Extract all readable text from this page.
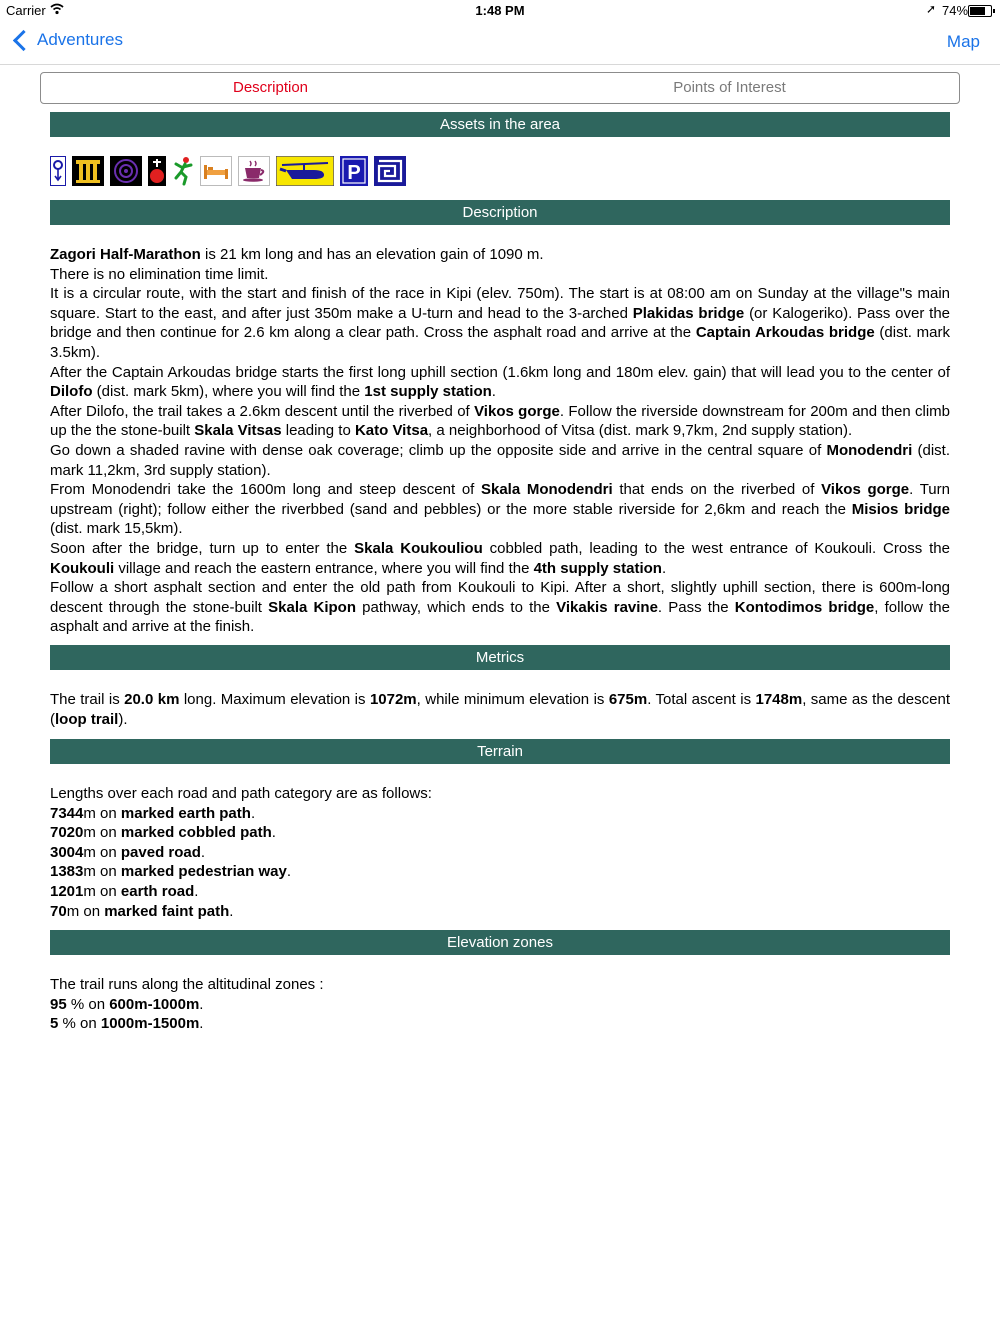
Carrier	1:48 PM	➚ 74%
Adventures	Map
Description	Points of Interest
Assets in the area
P
Description
Zagori Half-Marathon is 21 km long and has an elevation gain of 1090 m.
There is no elimination time limit.
It is a circular route, with the start and finish of the race in Kipi (elev. 750m). The start is at 08:00 am on Sunday at the village"s main square. Start to the east, and after just 350m make a U-turn and head to the 3-arched Plakidas bridge (or Kalogeriko). Pass over the bridge and then continue for 2.6 km along a clear path. Cross the asphalt road and arrive at the Captain Arkoudas bridge (dist. mark 3.5km).
After the Captain Arkoudas bridge starts the first long uphill section (1.6km long and 180m elev. gain) that will lead you to the center of Dilofo (dist. mark 5km), where you will find the 1st supply station.
After Dilofo, the trail takes a 2.6km descent until the riverbed of Vikos gorge. Follow the riverside downstream for 200m and then climb up the the stone-built Skala Vitsas leading to Kato Vitsa, a neighborhood of Vitsa (dist. mark 9,7km, 2nd supply station).
Go down a shaded ravine with dense oak coverage; climb up the opposite side and arrive in the central square of Monodendri (dist. mark 11,2km, 3rd supply station).
From Monodendri take the 1600m long and steep descent of Skala Monodendri that ends on the riverbed of Vikos gorge. Turn upstream (right); follow either the riverbbed (sand and pebbles) or the more stable riverside for 2,6km and reach the Misios bridge (dist. mark 15,5km).
Soon after the bridge, turn up to enter the Skala Koukouliou cobbled path, leading to the west entrance of Koukouli. Cross the Koukouli village and reach the eastern entrance, where you will find the 4th supply station.
Follow a short asphalt section and enter the old path from Koukouli to Kipi. After a short, slightly uphill section, there is 600m-long descent through the stone-built Skala Kipon pathway, which ends to the Vikakis ravine. Pass the Kontodimos bridge, follow the asphalt and arrive at the finish.
Metrics
The trail is 20.0 km long. Maximum elevation is 1072m, while minimum elevation is 675m. Total ascent is 1748m, same as the descent (loop trail).
Terrain
Lengths over each road and path category are as follows:
7344m on marked earth path.
7020m on marked cobbled path.
3004m on paved road.
1383m on marked pedestrian way.
1201m on earth road.
70m on marked faint path.
Elevation zones
The trail runs along the altitudinal zones :
95 % on 600m-1000m.
5 % on 1000m-1500m.
